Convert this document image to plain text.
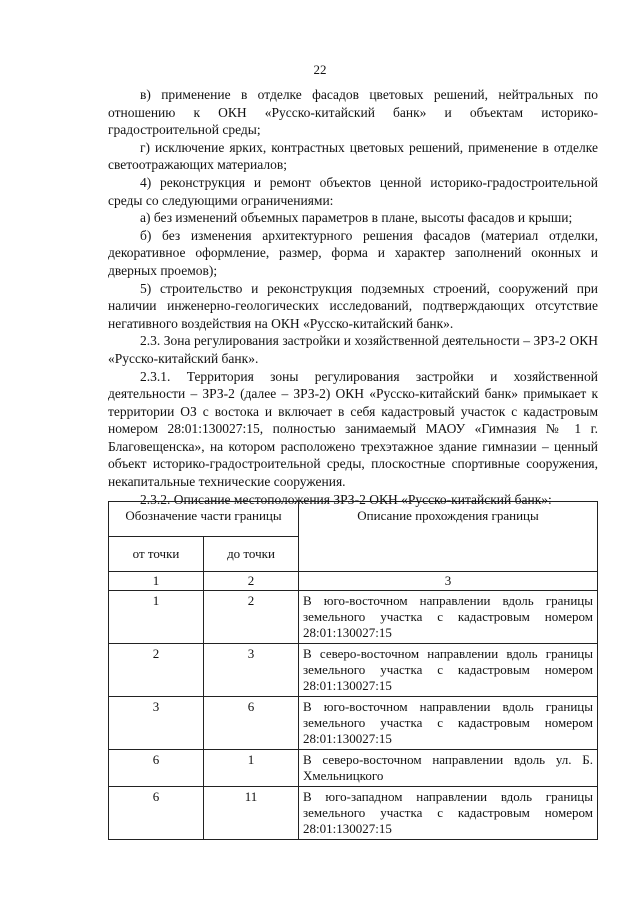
22

в) применение в отделке фасадов цветовых решений, нейтральных по отношению к ОКН «Русско-китайский банк» и объектам историко-градостроительной среды;

г) исключение ярких, контрастных цветовых решений, применение в отделке светоотражающих материалов;

4) реконструкция и ремонт объектов ценной историко-градостроительной среды со следующими ограничениями:

а) без изменений объемных параметров в плане, высоты фасадов и крыши;

б) без изменения архитектурного решения фасадов (материал отделки, декоративное оформление, размер, форма и характер заполнений оконных и дверных проемов);

5) строительство и реконструкция подземных строений, сооружений при наличии инженерно-геологических исследований, подтверждающих отсутствие негативного воздействия на ОКН «Русско-китайский банк».

2.3. Зона регулирования застройки и хозяйственной деятельности – ЗРЗ-2 ОКН «Русско-китайский банк».

2.3.1. Территория зоны регулирования застройки и хозяйственной деятельности – ЗРЗ-2 (далее – ЗРЗ-2) ОКН «Русско-китайский банк» примыкает к территории ОЗ с востока и включает в себя кадастровый участок с кадастровым номером 28:01:130027:15, полностью занимаемый МАОУ «Гимназия № 1 г. Благовещенска», на котором расположено трехэтажное здание гимназии – ценный объект историко-градостроительной среды, плоскостные спортивные сооружения, некапитальные технические сооружения.

2.3.2. Описание местоположения ЗРЗ-2 ОКН «Русско-китайский банк»:

Обозначение части границы		Описание прохождения границы
от точки	до точки	
1	2	3
1	2	В юго-восточном направлении вдоль границы земельного участка с кадастровым номером 28:01:130027:15
2	3	В северо-восточном направлении вдоль границы земельного участка с кадастровым номером 28:01:130027:15
3	6	В юго-восточном направлении вдоль границы земельного участка с кадастровым номером 28:01:130027:15
6	1	В северо-восточном направлении вдоль ул. Б. Хмельницкого
6	11	В юго-западном направлении вдоль границы земельного участка с кадастровым номером 28:01:130027:15
